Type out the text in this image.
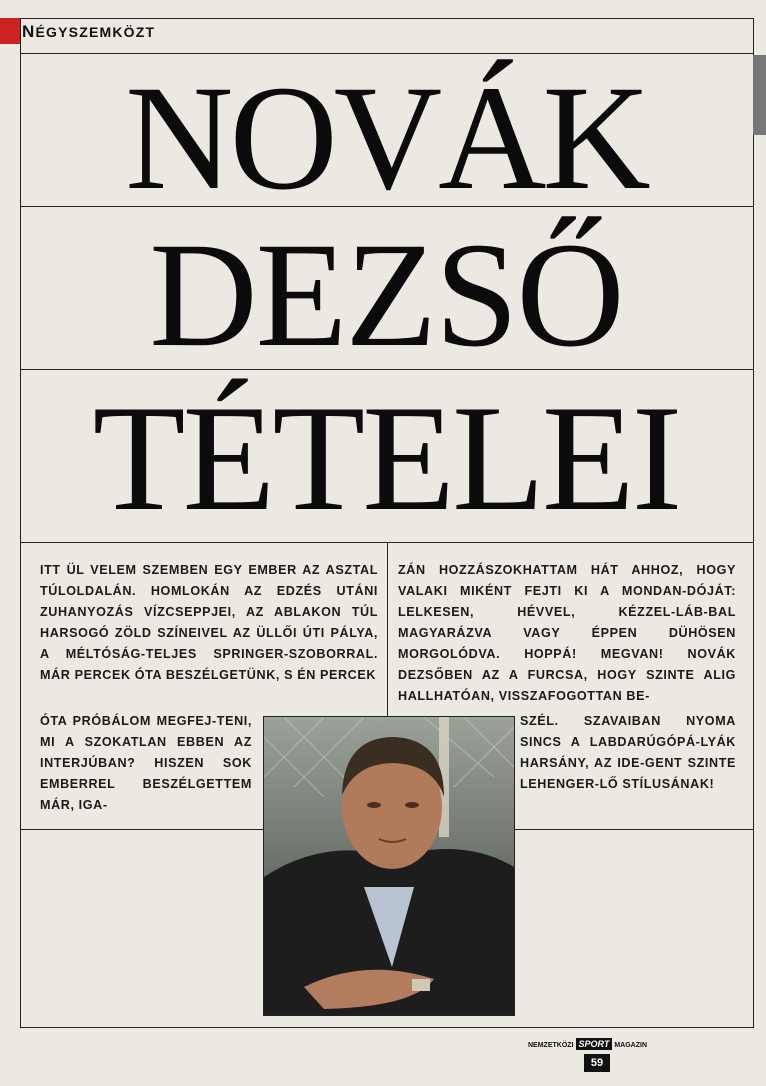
NÉGYSZEMKÖZT
NOVÁK
DEZSŐ
TÉTELEI

ITT ÜL VELEM SZEMBEN EGY EMBER AZ ASZTAL TÚLOLDALÁN. HOMLOKÁN AZ EDZÉS UTÁNI ZUHANYOZÁS VÍZCSEPPJEI, AZ ABLAKON TÚL HARSOGÓ ZÖLD SZÍNEIVEL AZ ÜLLŐI ÚTI PÁLYA, A MÉLTÓSÁG-TELJES SPRINGER-SZOBORRAL. MÁR PERCEK ÓTA BESZÉLGETÜNK, S ÉN PERCEK

ÓTA PRÓBÁLOM MEGFEJ-TENI, MI A SZOKATLAN EBBEN AZ INTERJÚBAN? HISZEN SOK EMBERREL BESZÉLGETTEM MÁR, IGA-

ZÁN HOZZÁSZOKHATTAM HÁT AHHOZ, HOGY VALAKI MIKÉNT FEJTI KI A MONDAN-DÓJÁT: LELKESEN, HÉVVEL, KÉZZEL-LÁB-BAL MAGYARÁZVA VAGY ÉPPEN DÜHÖSEN MORGOLÓDVA. HOPPÁ! MEGVAN! NOVÁK DEZSŐBEN AZ A FURCSA, HOGY SZINTE ALIG HALLHATÓAN, VISSZAFOGOTTAN BE-

SZÉL. SZAVAIBAN NYOMA SINCS A LABDARÚGÓPÁ-LYÁK HARSÁNY, AZ IDE-GENT SZINTE LEHENGER-LŐ STÍLUSÁNAK!

NEMZETKÖZI SPORT MAGAZIN
59
